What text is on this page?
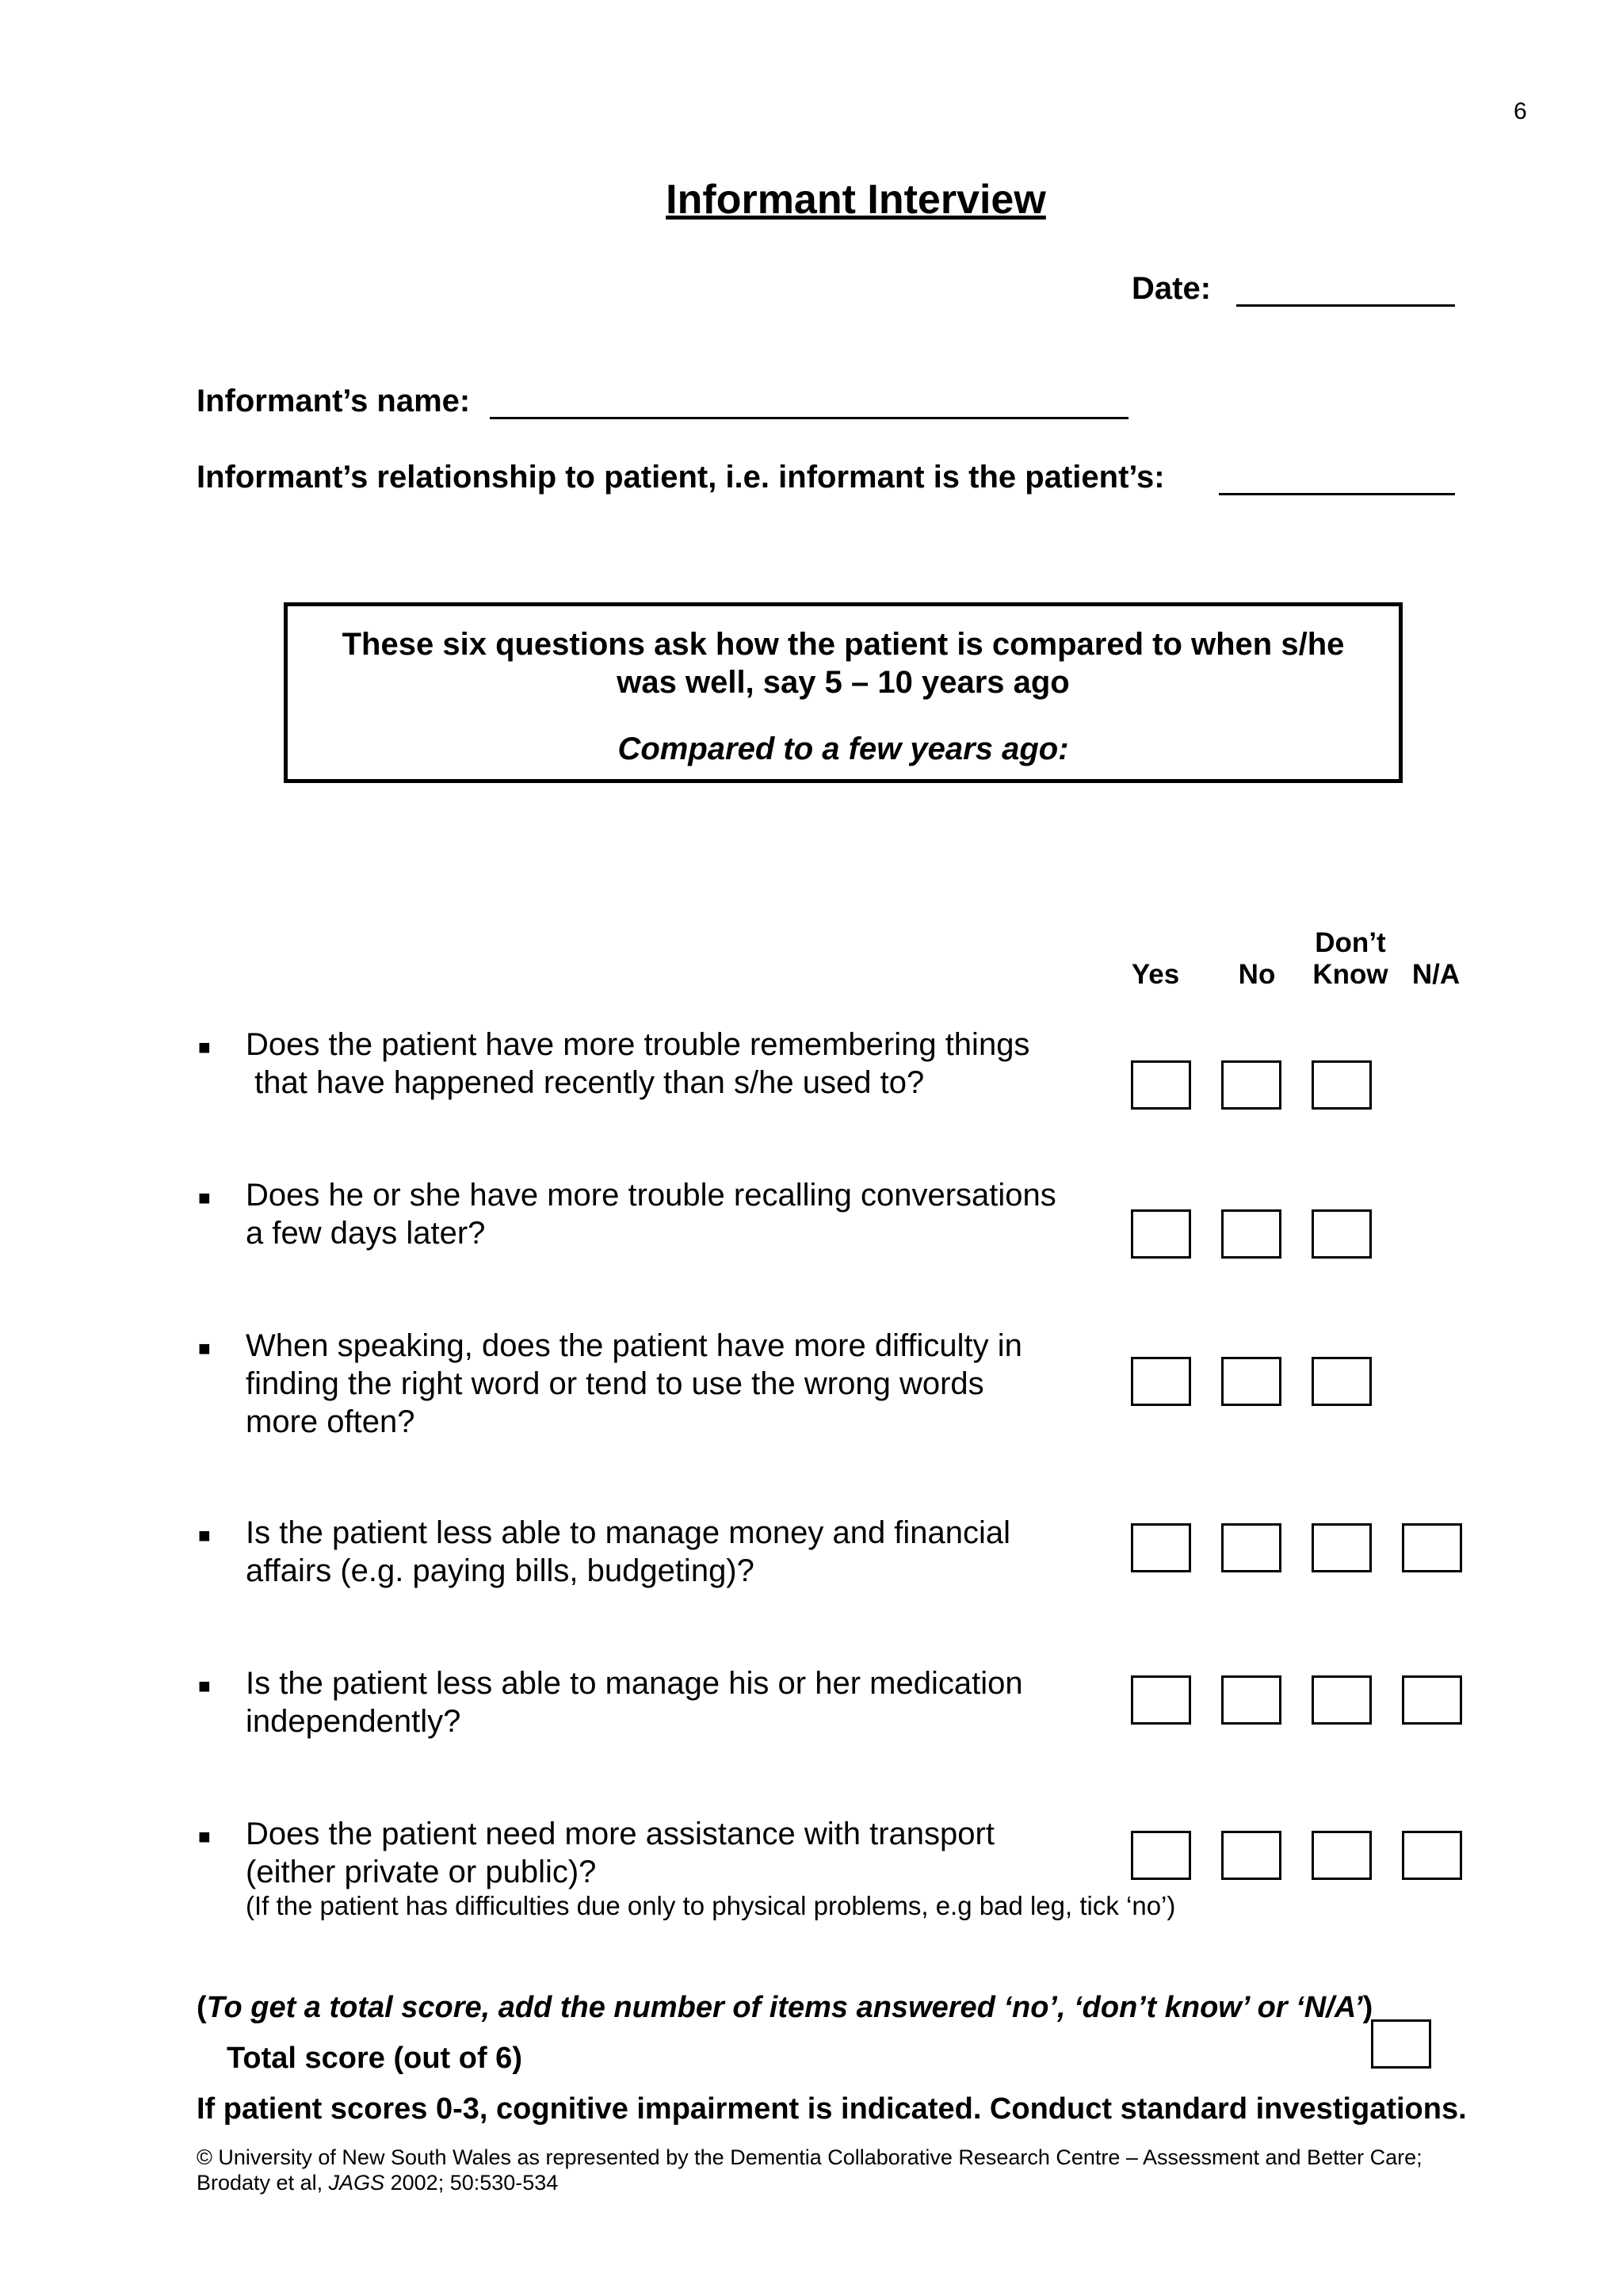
6
Informant Interview
Date:
Informant’s name:
Informant’s relationship to patient, i.e. informant is the patient’s:
These six questions ask how the patient is compared to when s/he
was well, say 5 – 10 years ago
Compared to a few years ago:
Yes	No
Don’t
Know N/A
■ Does the patient have more trouble remembering things
that have happened recently than s/he used to?
■ Does he or she have more trouble recalling conversations
a few days later?
■ When speaking, does the patient have more difficulty in
finding the right word or tend to use the wrong words
more often?
■ Is the patient less able to manage money and financial
affairs (e.g. paying bills, budgeting)?
■ Is the patient less able to manage his or her medication
independently?
■ Does the patient need more assistance with transport
(either private or public)?
(If the patient has difficulties due only to physical problems, e.g bad leg, tick ‘no’)
(To get a total score, add the number of items answered ‘no’, ‘don’t know’ or ‘N/A’)
Total score (out of 6)
If patient scores 0-3, cognitive impairment is indicated. Conduct standard investigations.
© University of New South Wales as represented by the Dementia Collaborative Research Centre – Assessment and Better Care;
Brodaty et al, JAGS 2002; 50:530-534
